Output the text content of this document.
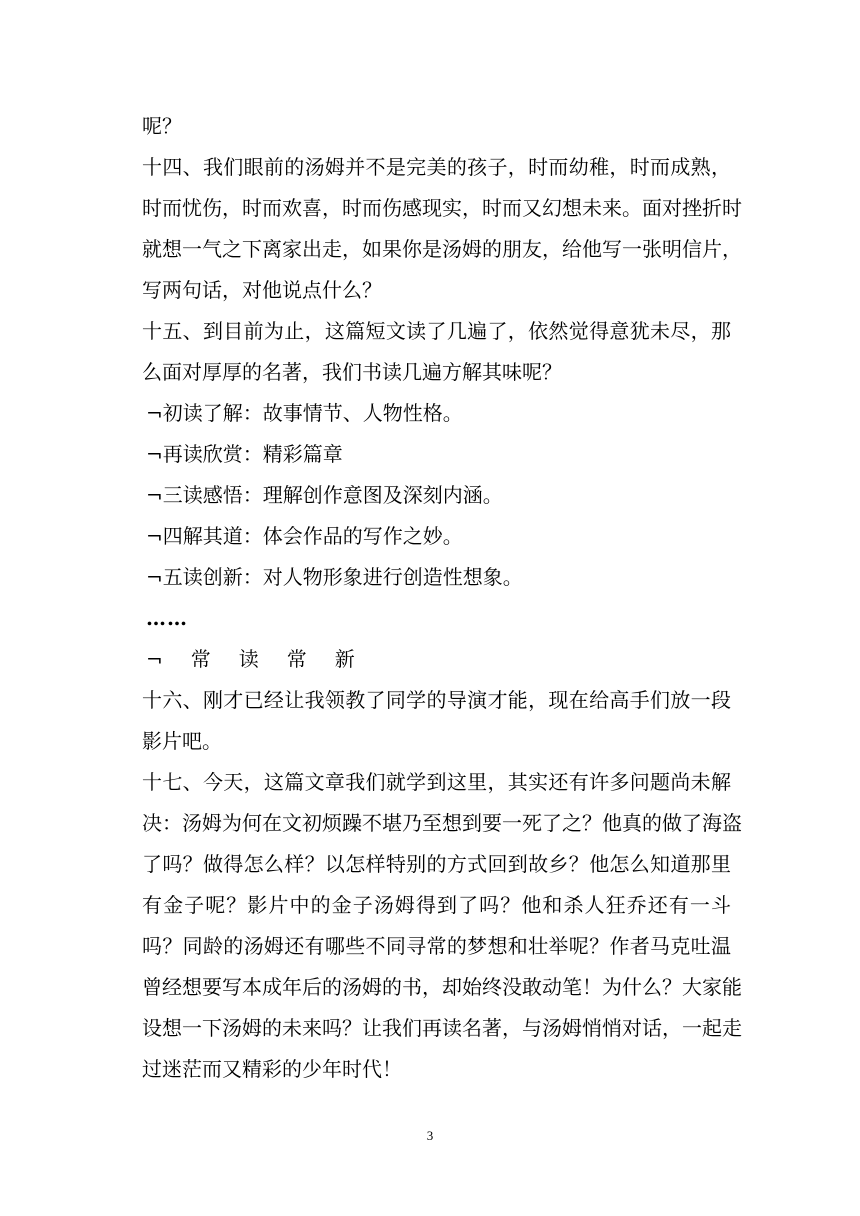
呢？
十四、我们眼前的汤姆并不是完美的孩子，时而幼稚，时而成熟，
时而忧伤，时而欢喜，时而伤感现实，时而又幻想未来。面对挫折时
就想一气之下离家出走，如果你是汤姆的朋友，给他写一张明信片，
写两句话，对他说点什么？
十五、到目前为止，这篇短文读了几遍了，依然觉得意犹未尽，那
么面对厚厚的名著，我们书读几遍方解其味呢？
¬初读了解：故事情节、人物性格。
¬再读欣赏：精彩篇章
¬三读感悟：理解创作意图及深刻内涵。
¬四解其道：体会作品的写作之妙。
¬五读创新：对人物形象进行创造性想象。
……
¬　常　读　常　新
十六、刚才已经让我领教了同学的导演才能，现在给高手们放一段
影片吧。
十七、今天，这篇文章我们就学到这里，其实还有许多问题尚未解
决：汤姆为何在文初烦躁不堪乃至想到要一死了之？他真的做了海盗
了吗？做得怎么样？以怎样特别的方式回到故乡？他怎么知道那里
有金子呢？影片中的金子汤姆得到了吗？他和杀人狂乔还有一斗
吗？同龄的汤姆还有哪些不同寻常的梦想和壮举呢？作者马克吐温
曾经想要写本成年后的汤姆的书，却始终没敢动笔！为什么？大家能
设想一下汤姆的未来吗？让我们再读名著，与汤姆悄悄对话，一起走
过迷茫而又精彩的少年时代！
3
